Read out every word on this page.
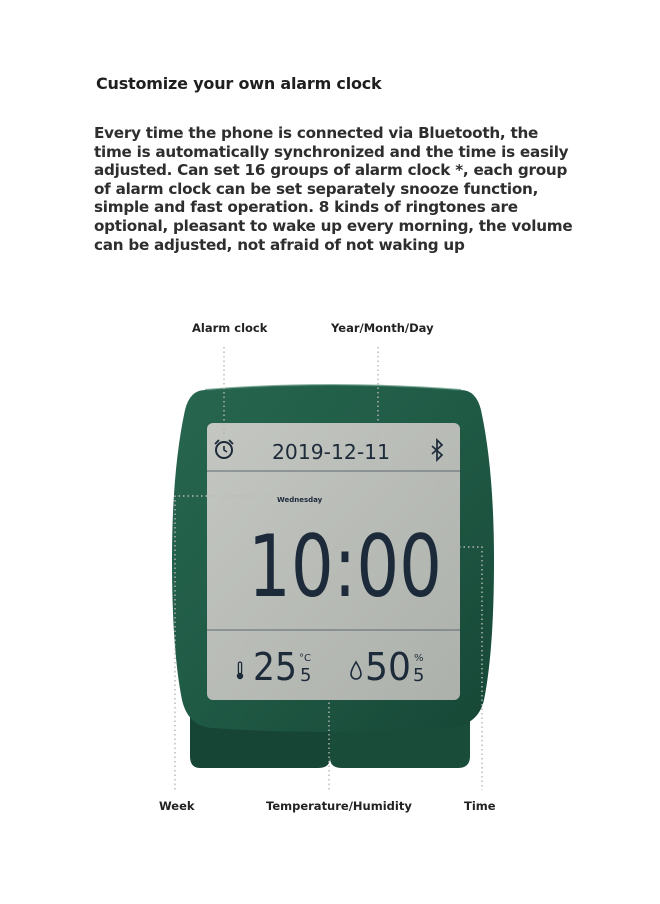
Customize your own alarm clock
Every time the phone is connected via Bluetooth, the time is automatically synchronized and the time is easily adjusted. Can set 16 groups of alarm clock *, each group of alarm clock can be set separately snooze function, simple and fast operation. 8 kinds of ringtones are optional, pleasant to wake up every morning, the volume can be adjusted, not afraid of not waking up
2019-12-11
Wednesday
10:00
25 °C
5 50 %
5
Alarm clock	Year/Month/Day
Week	Temperature/Humidity	Time
